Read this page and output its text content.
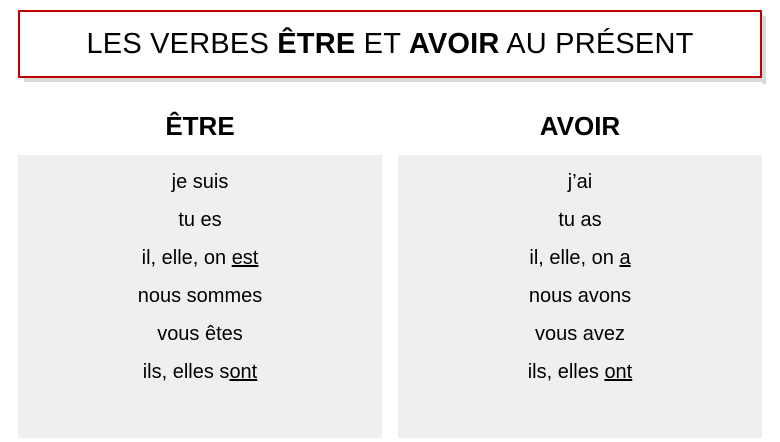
LES VERBES ÊTRE ET AVOIR AU PRÉSENT
ÊTRE
je suis
tu es
il, elle, on est
nous sommes
vous êtes
ils, elles sont
AVOIR
j’ai
tu as
il, elle, on a
nous avons
vous avez
ils, elles ont
